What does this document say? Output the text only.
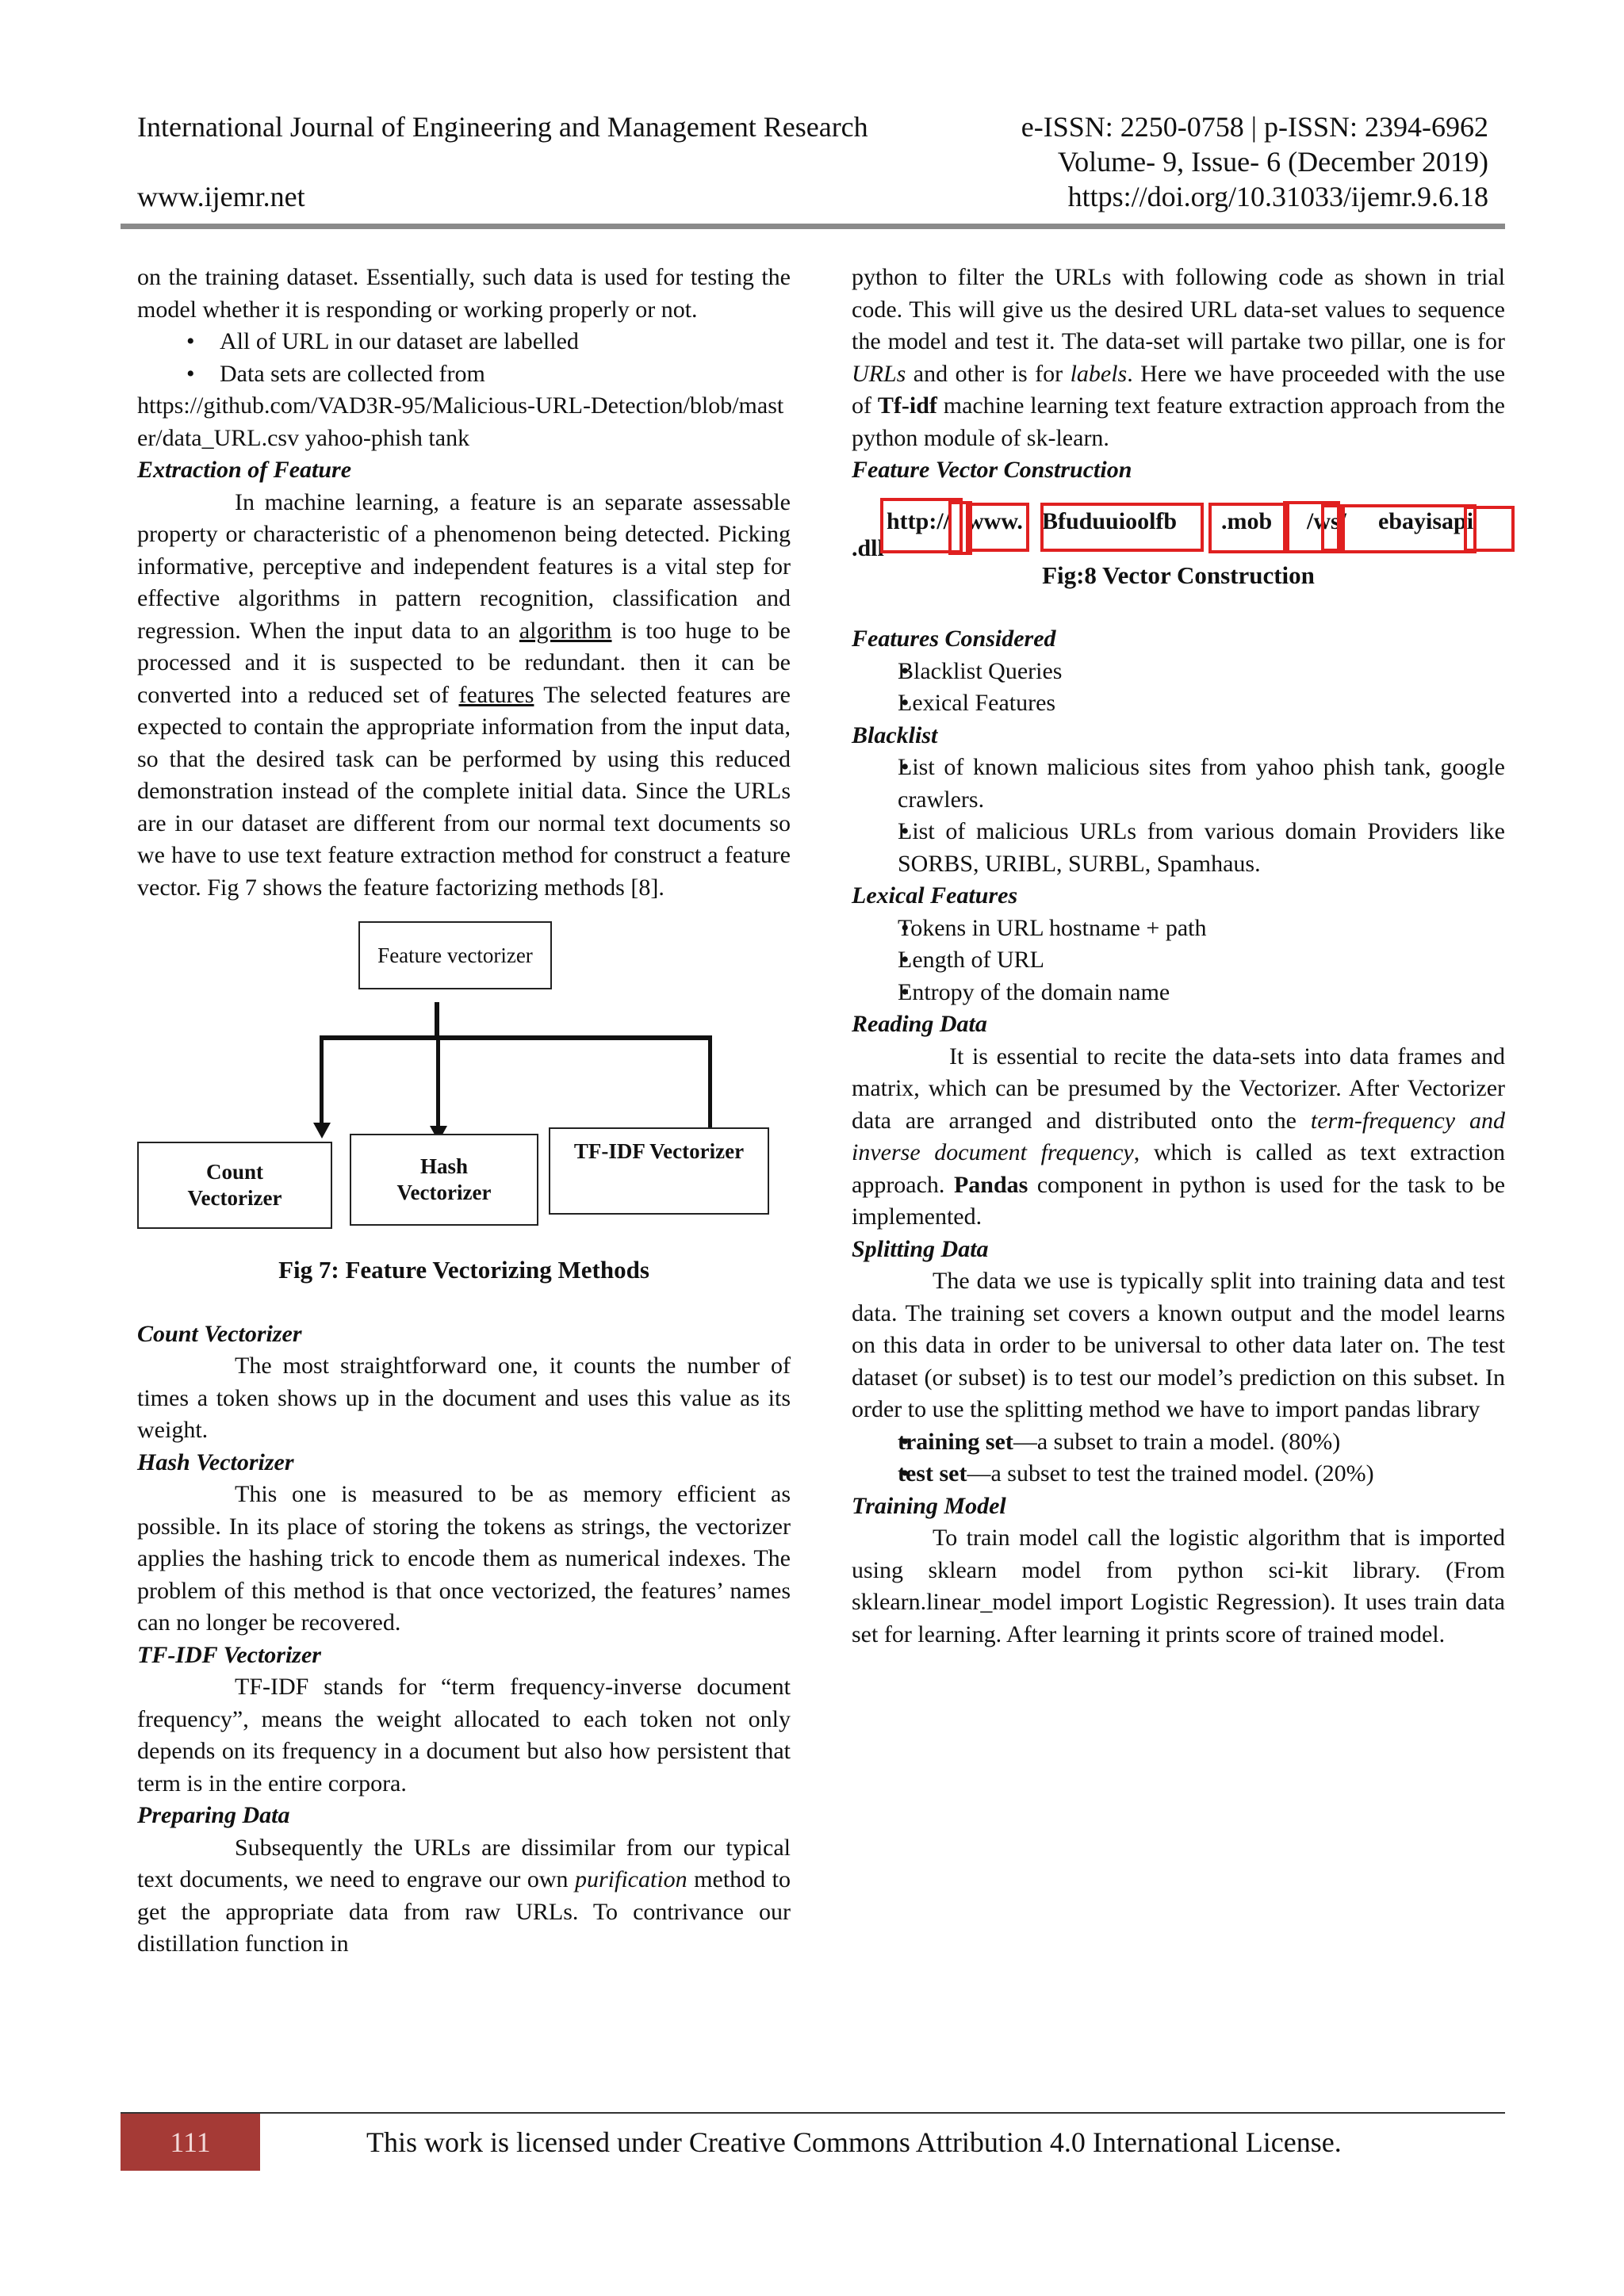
International Journal of Engineering and Management Research	e-ISSN: 2250-0758 | p-ISSN: 2394-6962
Volume- 9, Issue- 6 (December 2019)
www.ijemr.net	https://doi.org/10.31033/ijemr.9.6.18

on the training dataset. Essentially, such data is used for testing the model whether it is responding or working properly or not.

• All of URL in our dataset are labelled
• Data sets are collected from

https://github.com/VAD3R-95/Malicious-URL-Detection/blob/master/data_URL.csv yahoo-phish tank

Extraction of Feature

In machine learning, a feature is an separate assessable property or characteristic of a phenomenon being detected. Picking informative, perceptive and independent features is a vital step for effective algorithms in pattern recognition, classification and regression. When the input data to an algorithm is too huge to be processed and it is suspected to be redundant. then it can be converted into a reduced set of features The selected features are expected to contain the appropriate information from the input data, so that the desired task can be performed by using this reduced demonstration instead of the complete initial data. Since the URLs are in our dataset are different from our normal text documents so we have to use text feature extraction method for construct a feature vector. Fig 7 shows the feature factorizing methods [8].

Feature vectorizer
Count Vectorizer
Hash Vectorizer
TF-IDF Vectorizer

Fig 7: Feature Vectorizing Methods

Count Vectorizer

The most straightforward one, it counts the number of times a token shows up in the document and uses this value as its weight.

Hash Vectorizer

This one is measured to be as memory efficient as possible. In its place of storing the tokens as strings, the vectorizer applies the hashing trick to encode them as numerical indexes. The problem of this method is that once vectorized, the features’ names can no longer be recovered.

TF-IDF Vectorizer

TF-IDF stands for “term frequency-inverse document frequency”, means the weight allocated to each token not only depends on its frequency in a document but also how persistent that term is in the entire corpora.

Preparing Data

Subsequently the URLs are dissimilar from our typical text documents, we need to engrave our own purification method to get the appropriate data from raw URLs. To contrivance our distillation function in

python to filter the URLs with following code as shown in trial code. This will give us the desired URL data-set values to sequence the model and test it. The data-set will partake two pillar, one is for URLs and other is for labels. Here we have proceeded with the use of Tf-idf machine learning text feature extraction approach from the python module of sk-learn.

Feature Vector Construction

http:// www. Bfuduuioolfb .mob /ws/ ebayisapi
.dll

Fig:8 Vector Construction

Features Considered

• Blacklist Queries
• Lexical Features

Blacklist

• List of known malicious sites from yahoo phish tank, google crawlers.
• List of malicious URLs from various domain Providers like SORBS, URIBL, SURBL, Spamhaus.

Lexical Features

• Tokens in URL hostname + path
• Length of URL
• Entropy of the domain name

Reading Data

It is essential to recite the data-sets into data frames and matrix, which can be presumed by the Vectorizer. After Vectorizer data are arranged and distributed onto the term-frequency and inverse document frequency, which is called as text extraction approach. Pandas component in python is used for the task to be implemented.

Splitting Data

The data we use is typically split into training data and test data. The training set covers a known output and the model learns on this data in order to be universal to other data later on. The test dataset (or subset) is to test our model’s prediction on this subset. In order to use the splitting method we have to import pandas library

• training set—a subset to train a model. (80%)
• test set—a subset to test the trained model. (20%)

Training Model

To train model call the logistic algorithm that is imported using sklearn model from python sci-kit library. (From sklearn.linear_model import Logistic Regression). It uses train data set for learning. After learning it prints score of trained model.

111	This work is licensed under Creative Commons Attribution 4.0 International License.
